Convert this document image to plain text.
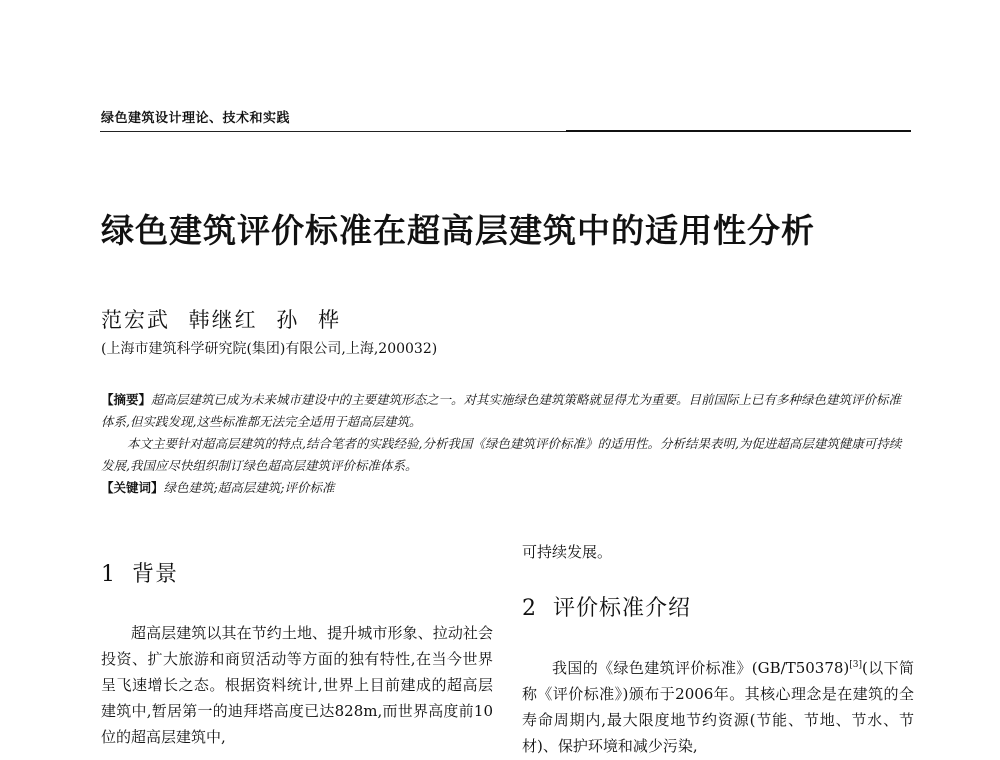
绿色建筑设计理论、技术和实践
绿色建筑评价标准在超高层建筑中的适用性分析
范宏武 韩继红 孙 桦
(上海市建筑科学研究院(集团)有限公司,上海,200032)

【摘要】超高层建筑已成为未来城市建设中的主要建筑形态之一。对其实施绿色建筑策略就显得尤为重要。目前国际上已有多种绿色建筑评价标准体系,但实践发现,这些标准都无法完全适用于超高层建筑。

本文主要针对超高层建筑的特点,结合笔者的实践经验,分析我国《绿色建筑评价标准》的适用性。分析结果表明,为促进超高层建筑健康可持续发展,我国应尽快组织制订绿色超高层建筑评价标准体系。

【关键词】绿色建筑;超高层建筑;评价标准

1 背景

超高层建筑以其在节约土地、提升城市形象、拉动社会投资、扩大旅游和商贸活动等方面的独有特性,在当今世界呈飞速增长之态。根据资料统计,世界上目前建成的超高层建筑中,暂居第一的迪拜塔高度已达828m,而世界高度前10位的超高层建筑中,

可持续发展。

2 评价标准介绍

我国的《绿色建筑评价标准》(GB/T50378)[3](以下简称《评价标准》)颁布于2006年。其核心理念是在建筑的全寿命周期内,最大限度地节约资源(节能、节地、节水、节材)、保护环境和减少污染,
